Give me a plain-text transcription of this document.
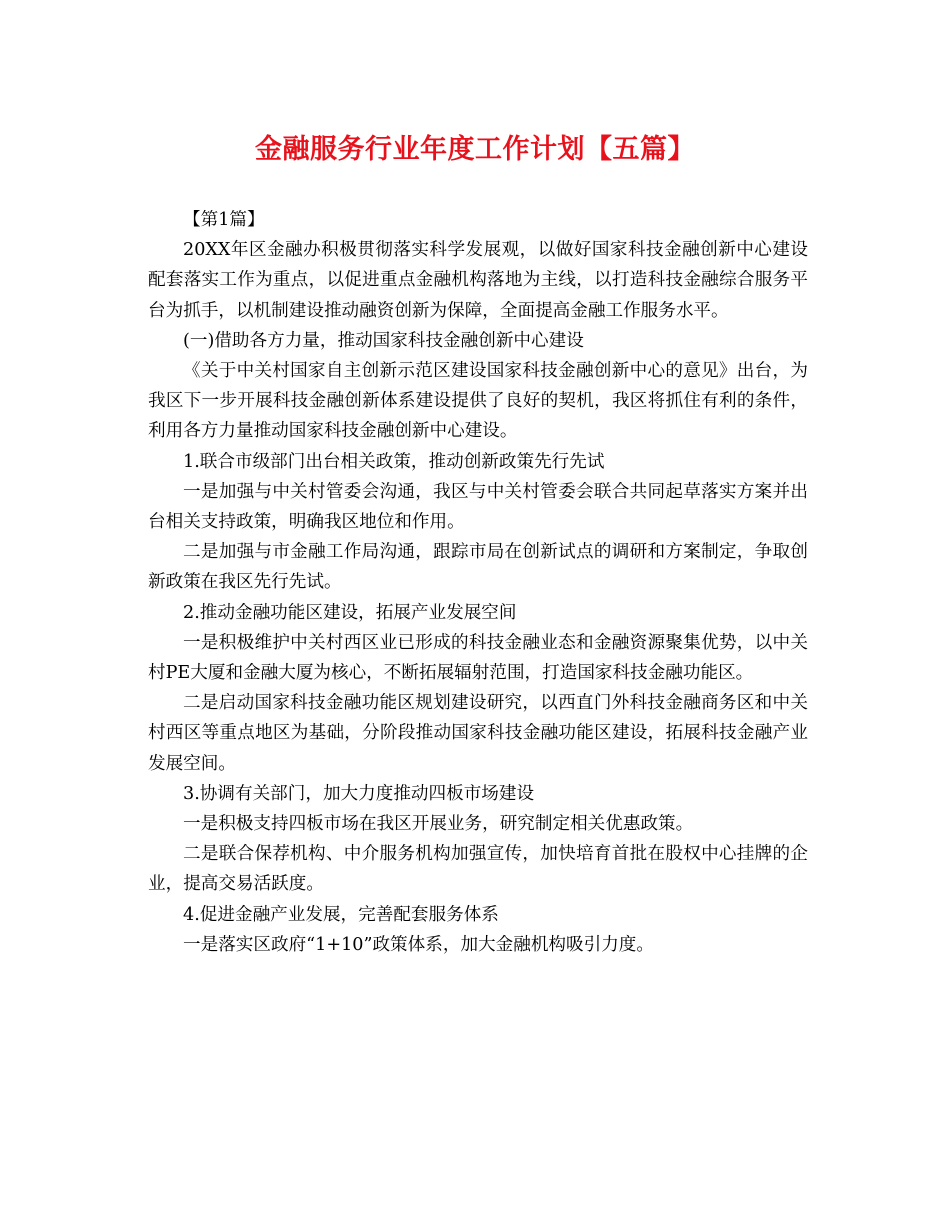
金融服务行业年度工作计划【五篇】

【第1篇】

20XX年区金融办积极贯彻落实科学发展观，以做好国家科技金融创新中心建设配套落实工作为重点，以促进重点金融机构落地为主线，以打造科技金融综合服务平台为抓手，以机制建设推动融资创新为保障，全面提高金融工作服务水平。

(一)借助各方力量，推动国家科技金融创新中心建设

《关于中关村国家自主创新示范区建设国家科技金融创新中心的意见》出台，为我区下一步开展科技金融创新体系建设提供了良好的契机，我区将抓住有利的条件，利用各方力量推动国家科技金融创新中心建设。

1.联合市级部门出台相关政策，推动创新政策先行先试

一是加强与中关村管委会沟通，我区与中关村管委会联合共同起草落实方案并出台相关支持政策，明确我区地位和作用。

二是加强与市金融工作局沟通，跟踪市局在创新试点的调研和方案制定，争取创新政策在我区先行先试。

2.推动金融功能区建设，拓展产业发展空间

一是积极维护中关村西区业已形成的科技金融业态和金融资源聚集优势，以中关村PE大厦和金融大厦为核心，不断拓展辐射范围，打造国家科技金融功能区。

二是启动国家科技金融功能区规划建设研究，以西直门外科技金融商务区和中关村西区等重点地区为基础，分阶段推动国家科技金融功能区建设，拓展科技金融产业发展空间。

3.协调有关部门，加大力度推动四板市场建设

一是积极支持四板市场在我区开展业务，研究制定相关优惠政策。

二是联合保荐机构、中介服务机构加强宣传，加快培育首批在股权中心挂牌的企业，提高交易活跃度。

4.促进金融产业发展，完善配套服务体系

一是落实区政府“1+10”政策体系，加大金融机构吸引力度。
